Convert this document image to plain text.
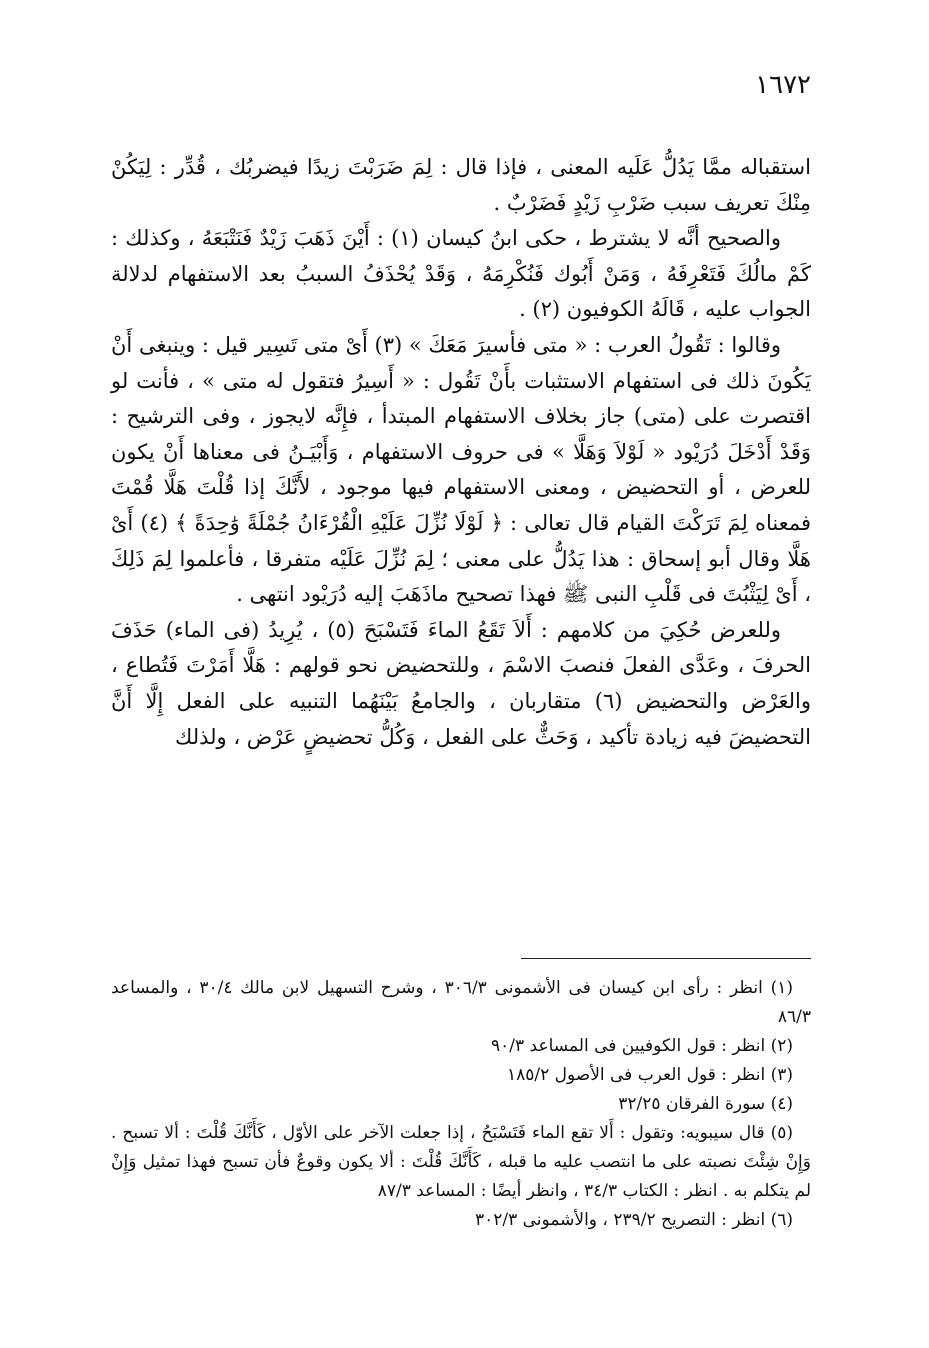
١٦٧٢

استقباله ممَّا يَدُلُّ عَلَيه المعنى ، فإذا قال : لِمَ ضَرَبْتَ زيدًا فيضربُك ، قُدِّر : لِيَكُنْ مِنْكَ تعريف سبب ضَرْبِ زَيْدٍ فَضَرْبٌ .

والصحيح أنَّه لا يشترط ، حكى ابنُ كيسان (١) : أَيْنَ ذَهَبَ زَيْدٌ فَنَتْبَعَهُ ، وكذلك : كَمْ مالُكَ فَتَعْرِفَهُ ، وَمَنْ أَبُوك فَنُكْرِمَهُ ، وَقَدْ يُحْذَفُ السببُ بعد الاستفهام لدلالة الجواب عليه ، قَالَهُ الكوفيون (٢) .

وقالوا : تَقُولُ العرب : « متى فأسيرَ مَعَكَ » (٣) أَىْ متى تَسِير قيل : وينبغى أَنْ يَكُونَ ذلك فى استفهام الاستثبات بأَنْ تَقُول : « أَسِيرُ فتقول له متى » ، فأنت لو اقتصرت على (متى) جاز بخلاف الاستفهام المبتدأ ، فإِنَّه لايجوز ، وفى الترشيح : وَقَدْ أَدْخَلَ دُرَيْود « لَوْلاَ وَهَلَّا » فى حروف الاستفهام ، وَأَبْيَـنُ فى معناها أَنْ يكون للعرض ، أو التحضيض ، ومعنى الاستفهام فيها موجود ، لأَنَّكَ إذا قُلْتَ هَلَّا قُمْتَ فمعناه لِمَ تَرَكْتَ القيام قال تعالى : ﴿ لَوْلَا نُزِّلَ عَلَيْهِ الْقُرْءَانُ جُمْلَةً وَٰحِدَةً ﴾ (٤) أَىْ هَلَّا وقال أبو إسحاق : هذا يَدُلُّ على معنى ؛ لِمَ نُزِّلَ عَلَيْه متفرقا ، فأعلموا لِمَ ذَلِكَ ، أَىْ لِيَثْبُتَ فى قَلْبِ النبى ﷺ فهذا تصحيح ماذَهَبَ إليه دُرَيْود انتهى .

وللعرض حُكِيَ من كلامهم : أَلاَ تَقَعُ الماءَ فَتَسْبَحَ (٥) ، يُرِيدُ (فى الماء) حَذَفَ الحرفَ ، وعَدَّى الفعلَ فنصبَ الاسْمَ ، وللتحضيض نحو قولهم : هَلَّا أَمَرْتَ فَتُطاع ، والعَرْض والتحضيض (٦) متقاربان ، والجامعُ بَيْنَهُما التنبيه على الفعل إِلَّا أَنَّ التحضيضَ فيه زيادة تأكيد ، وَحَثٌّ على الفعل ، وَكُلُّ تحضيضٍ عَرْض ، ولذلك

(١) انظر : رأى ابن كيسان فى الأشمونى ٣٠٦/٣ ، وشرح التسهيل لابن مالك ٣٠/٤ ، والمساعد ٨٦/٣

(٢) انظر : قول الكوفيين فى المساعد ٩٠/٣

(٣) انظر : قول العرب فى الأصول ١٨٥/٢

(٤) سورة الفرقان ٣٢/٢٥

(٥) قال سيبويه: وتقول : أَلا تقع الماء فَتَسْبَحُ ، إذا جعلت الآخر على الأوّل ، كَأَنَّكَ قُلْتَ : ألا تسبح . وَإِنْ شِئْتَ نصبته على ما انتصب عليه ما قبله ، كَأَنَّكَ قُلْتَ : ألا يكون وقوعٌ فأن تسبح فهذا تمثيل وَإِنْ لم يتكلم به . انظر : الكتاب ٣٤/٣ ، وانظر أيضًا : المساعد ٨٧/٣

(٦) انظر : التصريح ٢٣٩/٢ ، والأشمونى ٣٠٢/٣
